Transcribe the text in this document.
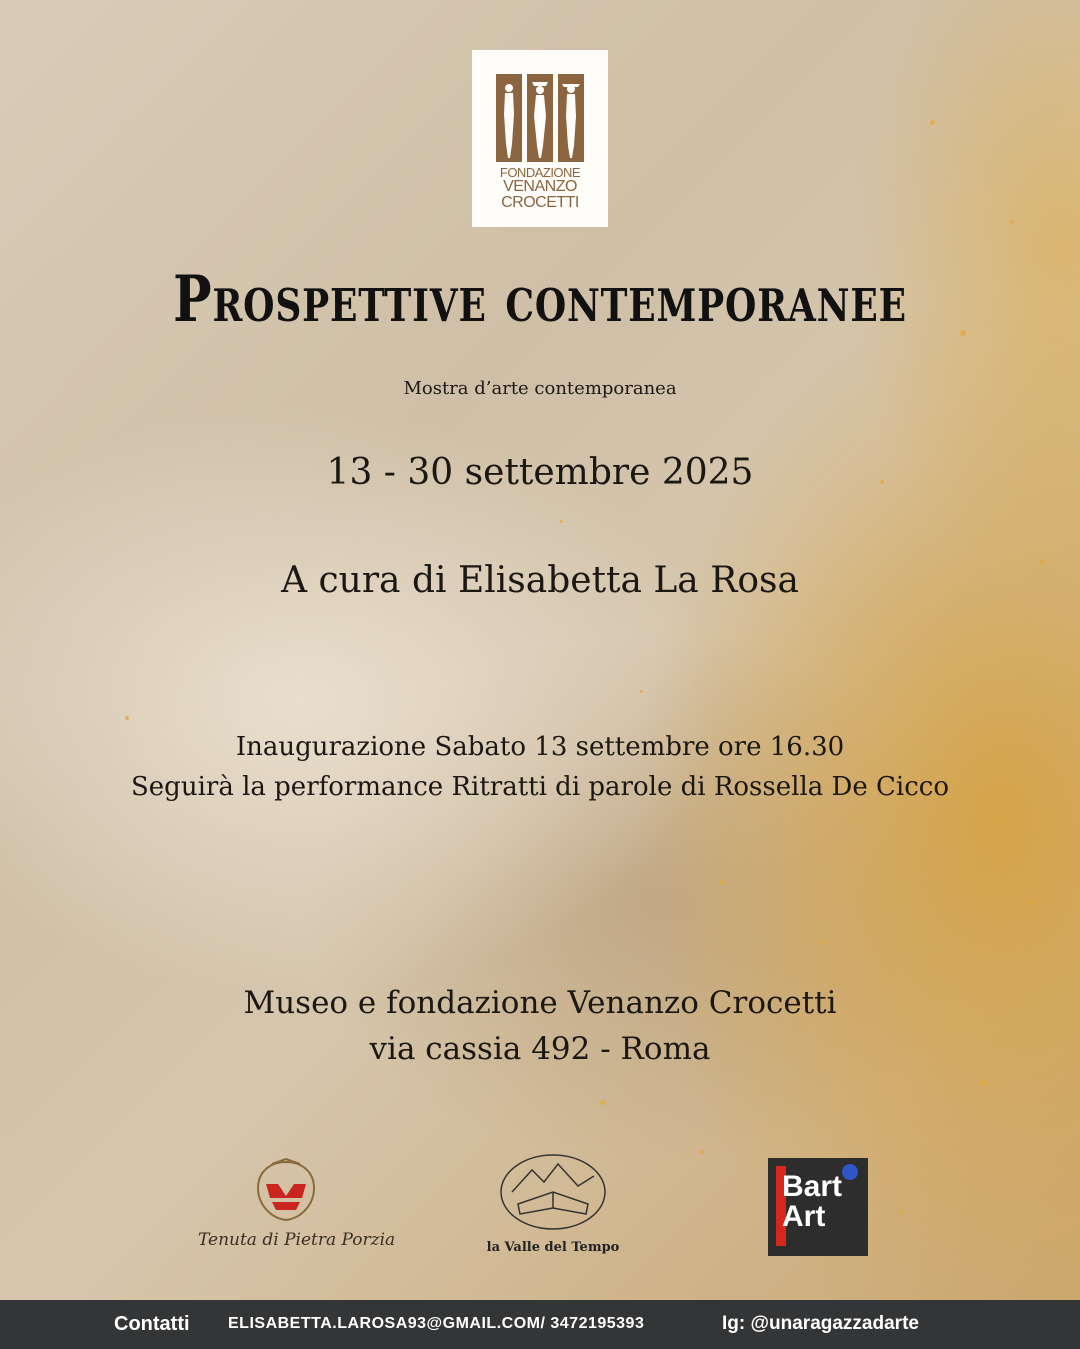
FONDAZIONE
VENANZO
CROCETTI
Prospettive contemporanee
Mostra d’arte contemporanea
13 - 30 settembre 2025
A cura di Elisabetta La Rosa
Inaugurazione Sabato 13 settembre ore 16.30
Seguirà la performance Ritratti di parole di Rossella De Cicco
Museo e fondazione Venanzo Crocetti
via cassia 492 - Roma
Tenuta di Pietra Porzia	la Valle del Tempo
Bart
Art
Contatti ELISABETTA.LAROSA93@GMAIL.COM/ 3472195393	Ig: @unaragazzadarte
